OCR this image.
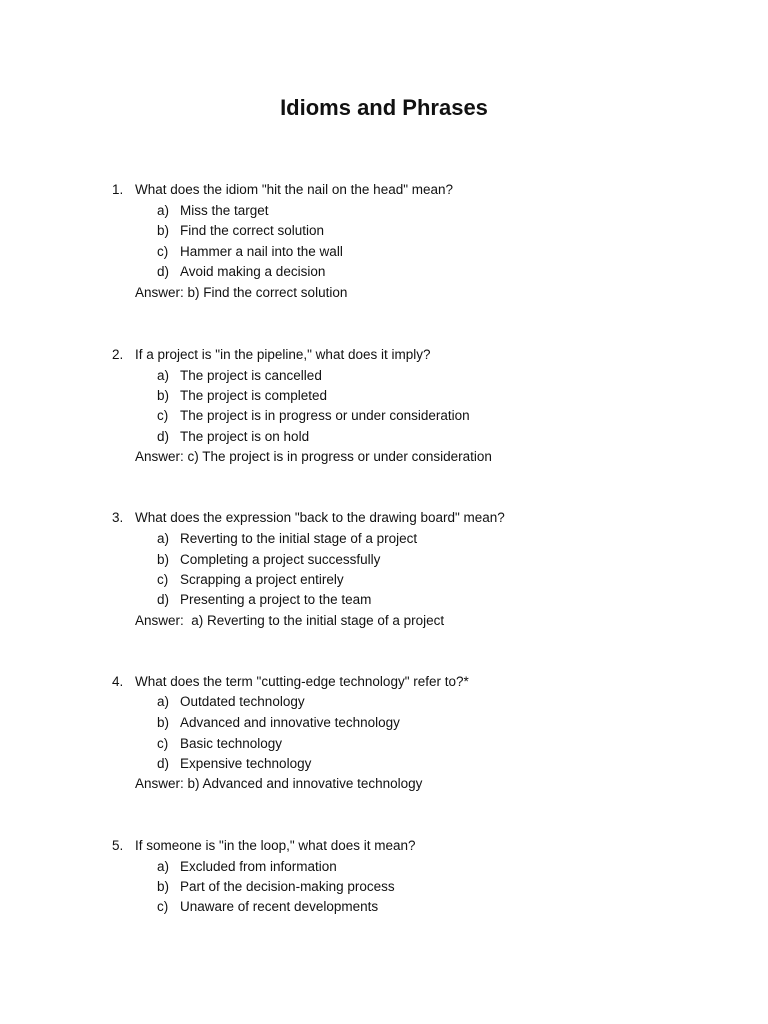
Idioms and Phrases
1. What does the idiom "hit the nail on the head" mean?
a) Miss the target
b) Find the correct solution
c) Hammer a nail into the wall
d) Avoid making a decision
Answer: b) Find the correct solution
2. If a project is "in the pipeline," what does it imply?
a) The project is cancelled
b) The project is completed
c) The project is in progress or under consideration
d) The project is on hold
Answer: c) The project is in progress or under consideration
3. What does the expression "back to the drawing board" mean?
a) Reverting to the initial stage of a project
b) Completing a project successfully
c) Scrapping a project entirely
d) Presenting a project to the team
Answer:  a) Reverting to the initial stage of a project
4. What does the term "cutting-edge technology" refer to?*
a) Outdated technology
b) Advanced and innovative technology
c) Basic technology
d) Expensive technology
Answer: b) Advanced and innovative technology
5. If someone is "in the loop," what does it mean?
a) Excluded from information
b) Part of the decision-making process
c) Unaware of recent developments
